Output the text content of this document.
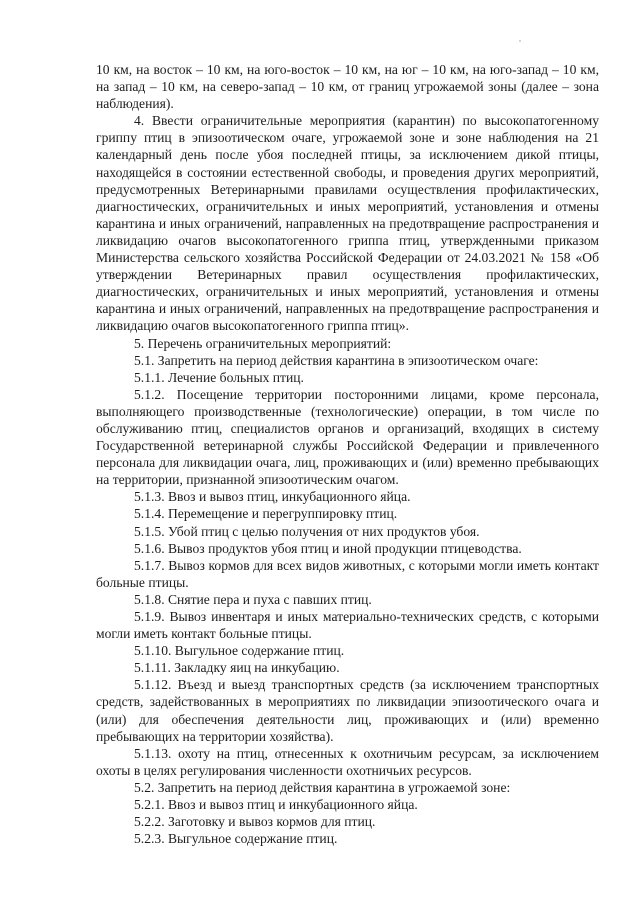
10 км, на восток – 10 км, на юго-восток – 10 км, на юг – 10 км, на юго-запад – 10 км, на запад – 10 км, на северо-запад – 10 км, от границ угрожаемой зоны (далее – зона наблюдения).

4. Ввести ограничительные мероприятия (карантин) по высокопатогенному гриппу птиц в эпизоотическом очаге, угрожаемой зоне и зоне наблюдения на 21 календарный день после убоя последней птицы, за исключением дикой птицы, находящейся в состоянии естественной свободы, и проведения других мероприятий, предусмотренных Ветеринарными правилами осуществления профилактических, диагностических, ограничительных и иных мероприятий, установления и отмены карантина и иных ограничений, направленных на предотвращение распространения и ликвидацию очагов высокопатогенного гриппа птиц, утвержденными приказом Министерства сельского хозяйства Российской Федерации от 24.03.2021 № 158 «Об утверждении Ветеринарных правил осуществления профилактических, диагностических, ограничительных и иных мероприятий, установления и отмены карантина и иных ограничений, направленных на предотвращение распространения и ликвидацию очагов высокопатогенного гриппа птиц».

5. Перечень ограничительных мероприятий:

5.1. Запретить на период действия карантина в эпизоотическом очаге:

5.1.1. Лечение больных птиц.

5.1.2. Посещение территории посторонними лицами, кроме персонала, выполняющего производственные (технологические) операции, в том числе по обслуживанию птиц, специалистов органов и организаций, входящих в систему Государственной ветеринарной службы Российской Федерации и привлеченного персонала для ликвидации очага, лиц, проживающих и (или) временно пребывающих на территории, признанной эпизоотическим очагом.

5.1.3. Ввоз и вывоз птиц, инкубационного яйца.

5.1.4. Перемещение и перегруппировку птиц.

5.1.5. Убой птиц с целью получения от них продуктов убоя.

5.1.6. Вывоз продуктов убоя птиц и иной продукции птицеводства.

5.1.7. Вывоз кормов для всех видов животных, с которыми могли иметь контакт больные птицы.

5.1.8. Снятие пера и пуха с павших птиц.

5.1.9. Вывоз инвентаря и иных материально-технических средств, с которыми могли иметь контакт больные птицы.

5.1.10. Выгульное содержание птиц.

5.1.11. Закладку яиц на инкубацию.

5.1.12. Въезд и выезд транспортных средств (за исключением транспортных средств, задействованных в мероприятиях по ликвидации эпизоотического очага и (или) для обеспечения деятельности лиц, проживающих и (или) временно пребывающих на территории хозяйства).

5.1.13. охоту на птиц, отнесенных к охотничьим ресурсам, за исключением охоты в целях регулирования численности охотничьих ресурсов.

5.2. Запретить на период действия карантина в угрожаемой зоне:

5.2.1. Ввоз и вывоз птиц и инкубационного яйца.

5.2.2. Заготовку и вывоз кормов для птиц.

5.2.3. Выгульное содержание птиц.
